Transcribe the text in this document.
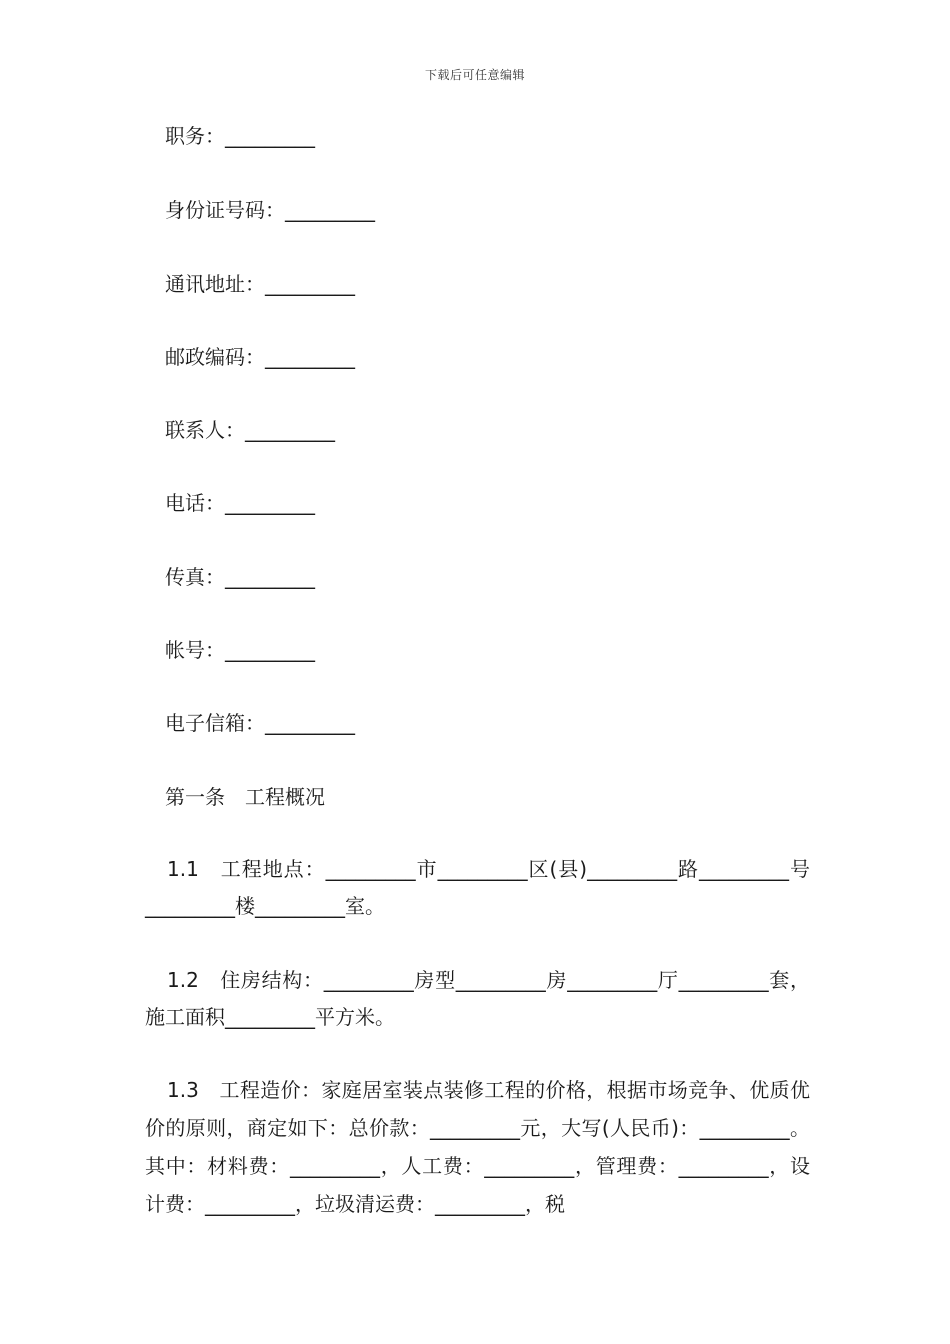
下载后可任意编辑
职务：_________
身份证号码：_________
通讯地址：_________
邮政编码：_________
联系人：_________
电话：_________
传真：_________
帐号：_________
电子信箱：_________
第一条　工程概况

1.1　工程地点：_________市_________区(县)_________路_________号_________楼_________室。

1.2　住房结构：_________房型_________房_________厅_________套，施工面积_________平方米。

1.3　工程造价：家庭居室装点装修工程的价格，根据市场竞争、优质优价的原则，商定如下：总价款：_________元，大写(人民币)：_________。其中：材料费：_________，人工费：_________，管理费：_________，设计费：_________，垃圾清运费：_________，税
